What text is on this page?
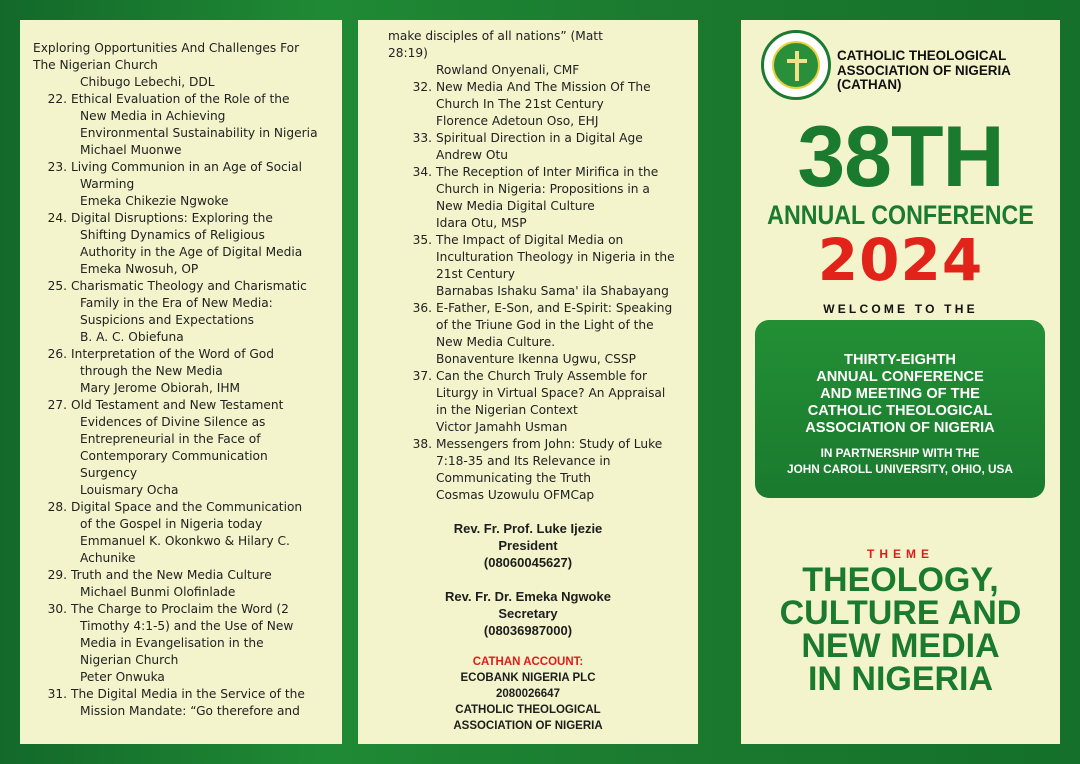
Exploring Opportunities And Challenges For
The Nigerian Church
Chibugo Lebechi, DDL
22. Ethical Evaluation of the Role of the
New Media in Achieving
Environmental Sustainability in Nigeria
Michael Muonwe
23. Living Communion in an Age of Social
Warming
Emeka Chikezie Ngwoke
24. Digital Disruptions: Exploring the
Shifting Dynamics of Religious
Authority in the Age of Digital Media
Emeka Nwosuh, OP
25. Charismatic Theology and Charismatic
Family in the Era of New Media:
Suspicions and Expectations
B. A. C. Obiefuna
26. Interpretation of the Word of God
through the New Media
Mary Jerome Obiorah, IHM
27. Old Testament and New Testament
Evidences of Divine Silence as
Entrepreneurial in the Face of
Contemporary Communication
Surgency
Louismary Ocha
28. Digital Space and the Communication
of the Gospel in Nigeria today
Emmanuel K. Okonkwo & Hilary C.
Achunike
29. Truth and the New Media Culture
Michael Bunmi Olofinlade
30. The Charge to Proclaim the Word (2
Timothy 4:1-5) and the Use of New
Media in Evangelisation in the
Nigerian Church
Peter Onwuka
31. The Digital Media in the Service of the
Mission Mandate: “Go therefore and
make disciples of all nations” (Matt
28:19)
Rowland Onyenali, CMF
32. New Media And The Mission Of The
Church In The 21st Century
Florence Adetoun Oso, EHJ
33. Spiritual Direction in a Digital Age
Andrew Otu
34. The Reception of Inter Mirifica in the
Church in Nigeria: Propositions in a
New Media Digital Culture
Idara Otu, MSP
35. The Impact of Digital Media on
Inculturation Theology in Nigeria in the
21st Century
Barnabas Ishaku Sama' ila Shabayang
36. E-Father, E-Son, and E-Spirit: Speaking
of the Triune God in the Light of the
New Media Culture.
Bonaventure Ikenna Ugwu, CSSP
37. Can the Church Truly Assemble for
Liturgy in Virtual Space? An Appraisal
in the Nigerian Context
Victor Jamahh Usman
38. Messengers from John: Study of Luke
7:18-35 and Its Relevance in
Communicating the Truth
Cosmas Uzowulu OFMCap
Rev. Fr. Prof. Luke Ijezie
President
(08060045627)
Rev. Fr. Dr. Emeka Ngwoke
Secretary
(08036987000)
CATHAN ACCOUNT:
ECOBANK NIGERIA PLC
2080026647
CATHOLIC THEOLOGICAL
ASSOCIATION OF NIGERIA
CATHOLIC THEOLOGICAL
ASSOCIATION OF NIGERIA
(CATHAN)
38TH
ANNUAL CONFERENCE
2024
WELCOME TO THE
THIRTY-EIGHTH
ANNUAL CONFERENCE
AND MEETING OF THE
CATHOLIC THEOLOGICAL
ASSOCIATION OF NIGERIA
IN PARTNERSHIP WITH THE
JOHN CAROLL UNIVERSITY, OHIO, USA
THEME
THEOLOGY,
CULTURE AND
NEW MEDIA
IN NIGERIA
